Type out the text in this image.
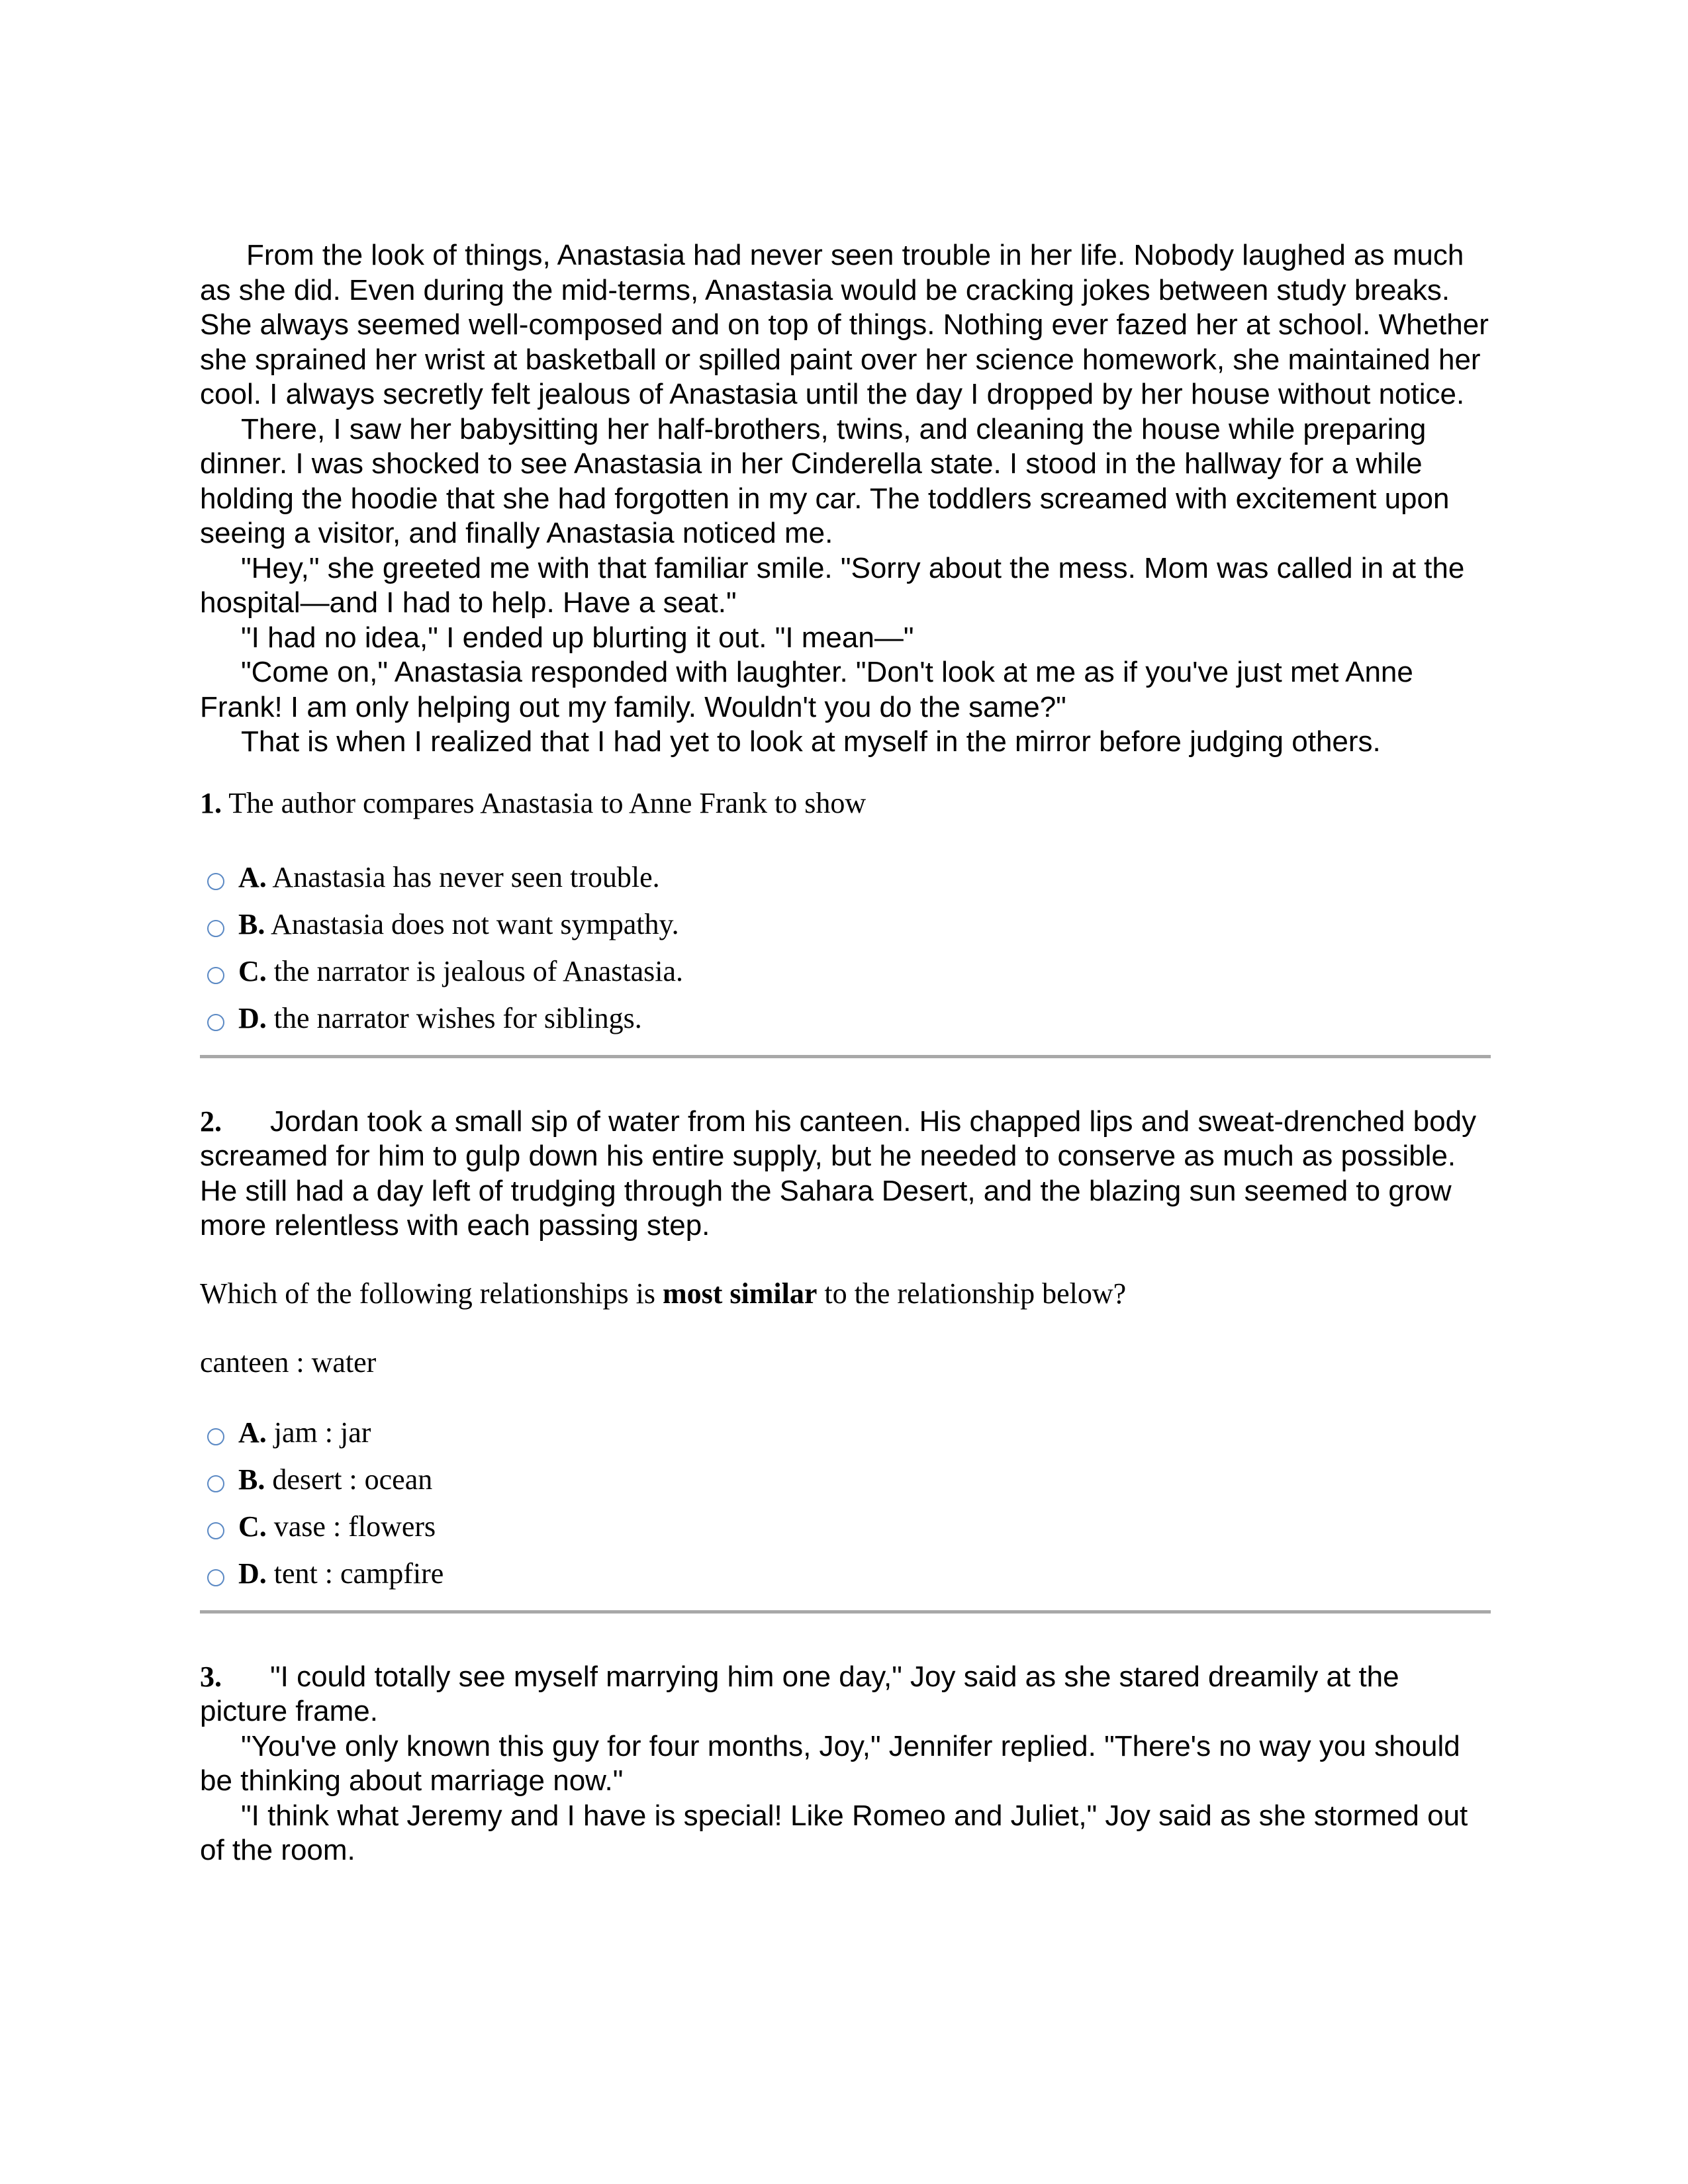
From the look of things, Anastasia had never seen trouble in her life. Nobody laughed as much as she did. Even during the mid-terms, Anastasia would be cracking jokes between study breaks. She always seemed well-composed and on top of things. Nothing ever fazed her at school. Whether she sprained her wrist at basketball or spilled paint over her science homework, she maintained her cool. I always secretly felt jealous of Anastasia until the day I dropped by her house without notice.

There, I saw her babysitting her half-brothers, twins, and cleaning the house while preparing dinner. I was shocked to see Anastasia in her Cinderella state. I stood in the hallway for a while holding the hoodie that she had forgotten in my car. The toddlers screamed with excitement upon seeing a visitor, and finally Anastasia noticed me.

"Hey," she greeted me with that familiar smile. "Sorry about the mess. Mom was called in at the hospital—and I had to help. Have a seat."

"I had no idea," I ended up blurting it out. "I mean—"

"Come on," Anastasia responded with laughter. "Don't look at me as if you've just met Anne Frank! I am only helping out my family. Wouldn't you do the same?"

That is when I realized that I had yet to look at myself in the mirror before judging others.

1. The author compares Anastasia to Anne Frank to show

A. Anastasia has never seen trouble.
B. Anastasia does not want sympathy.
C. the narrator is jealous of Anastasia.
D. the narrator wishes for siblings.

2. Jordan took a small sip of water from his canteen. His chapped lips and sweat-drenched body screamed for him to gulp down his entire supply, but he needed to conserve as much as possible. He still had a day left of trudging through the Sahara Desert, and the blazing sun seemed to grow more relentless with each passing step.

Which of the following relationships is most similar to the relationship below?

canteen : water

A. jam : jar
B. desert : ocean
C. vase : flowers
D. tent : campfire

3. "I could totally see myself marrying him one day," Joy said as she stared dreamily at the picture frame.

"You've only known this guy for four months, Joy," Jennifer replied. "There's no way you should be thinking about marriage now."

"I think what Jeremy and I have is special! Like Romeo and Juliet," Joy said as she stormed out of the room.
